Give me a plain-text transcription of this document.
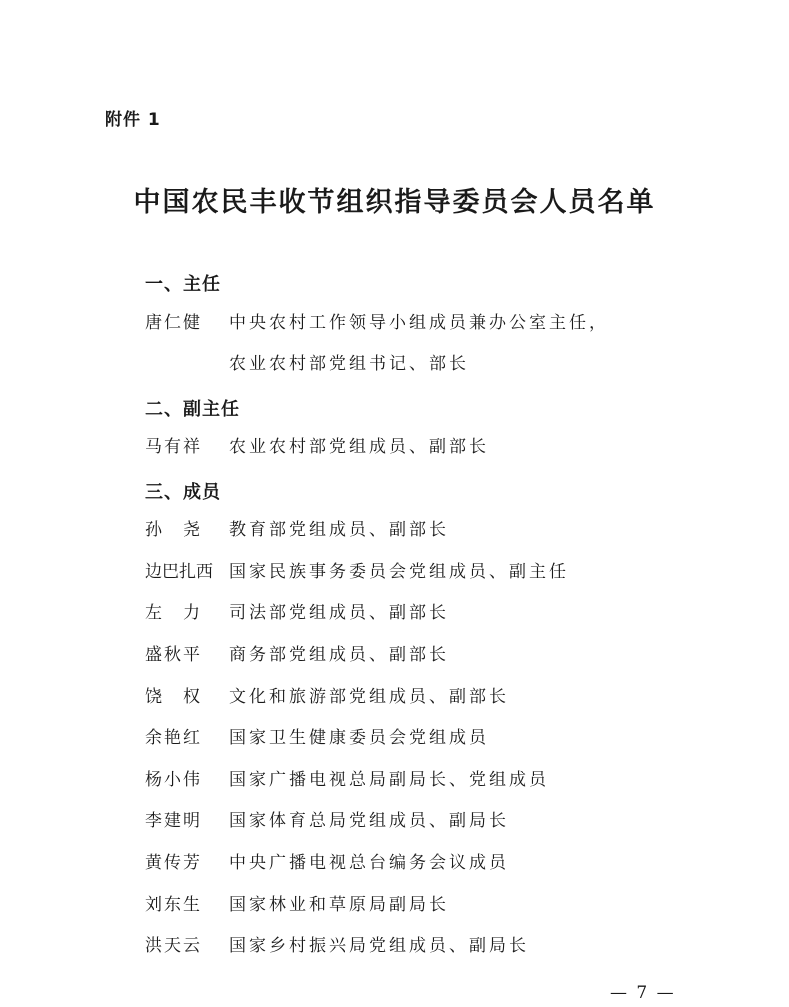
附件 1
中国农民丰收节组织指导委员会人员名单
一、主任
唐仁健	中央农村工作领导小组成员兼办公室主任，
农业农村部党组书记、部长
二、副主任
马有祥	农业农村部党组成员、副部长
三、成员
孙　尧	教育部党组成员、副部长
边巴扎西 国家民族事务委员会党组成员、副主任
左　力	司法部党组成员、副部长
盛秋平	商务部党组成员、副部长
饶　权	文化和旅游部党组成员、副部长
余艳红	国家卫生健康委员会党组成员
杨小伟	国家广播电视总局副局长、党组成员
李建明	国家体育总局党组成员、副局长
黄传芳	中央广播电视总台编务会议成员
刘东生	国家林业和草原局副局长
洪天云	国家乡村振兴局党组成员、副局长
— 7 —
